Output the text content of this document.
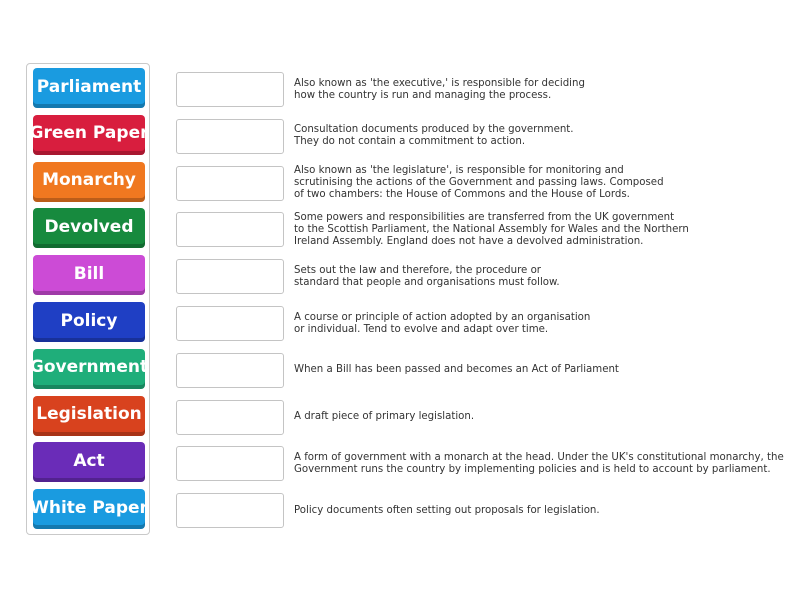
Parliament
Green Paper
Monarchy
Devolved
Bill
Policy
Government
Legislation
Act
White Paper
Also known as 'the executive,' is responsible for deciding
how the country is run and managing the process.
Consultation documents produced by the government.
They do not contain a commitment to action.
Also known as 'the legislature', is responsible for monitoring and
scrutinising the actions of the Government and passing laws. Composed
of two chambers: the House of Commons and the House of Lords.
Some powers and responsibilities are transferred from the UK government
to the Scottish Parliament, the National Assembly for Wales and the Northern
Ireland Assembly. England does not have a devolved administration.
Sets out the law and therefore, the procedure or
standard that people and organisations must follow.
A course or principle of action adopted by an organisation
or individual. Tend to evolve and adapt over time.
When a Bill has been passed and becomes an Act of Parliament
A draft piece of primary legislation.
A form of government with a monarch at the head. Under the UK's constitutional monarchy, the
Government runs the country by implementing policies and is held to account by parliament.
Policy documents often setting out proposals for legislation.
